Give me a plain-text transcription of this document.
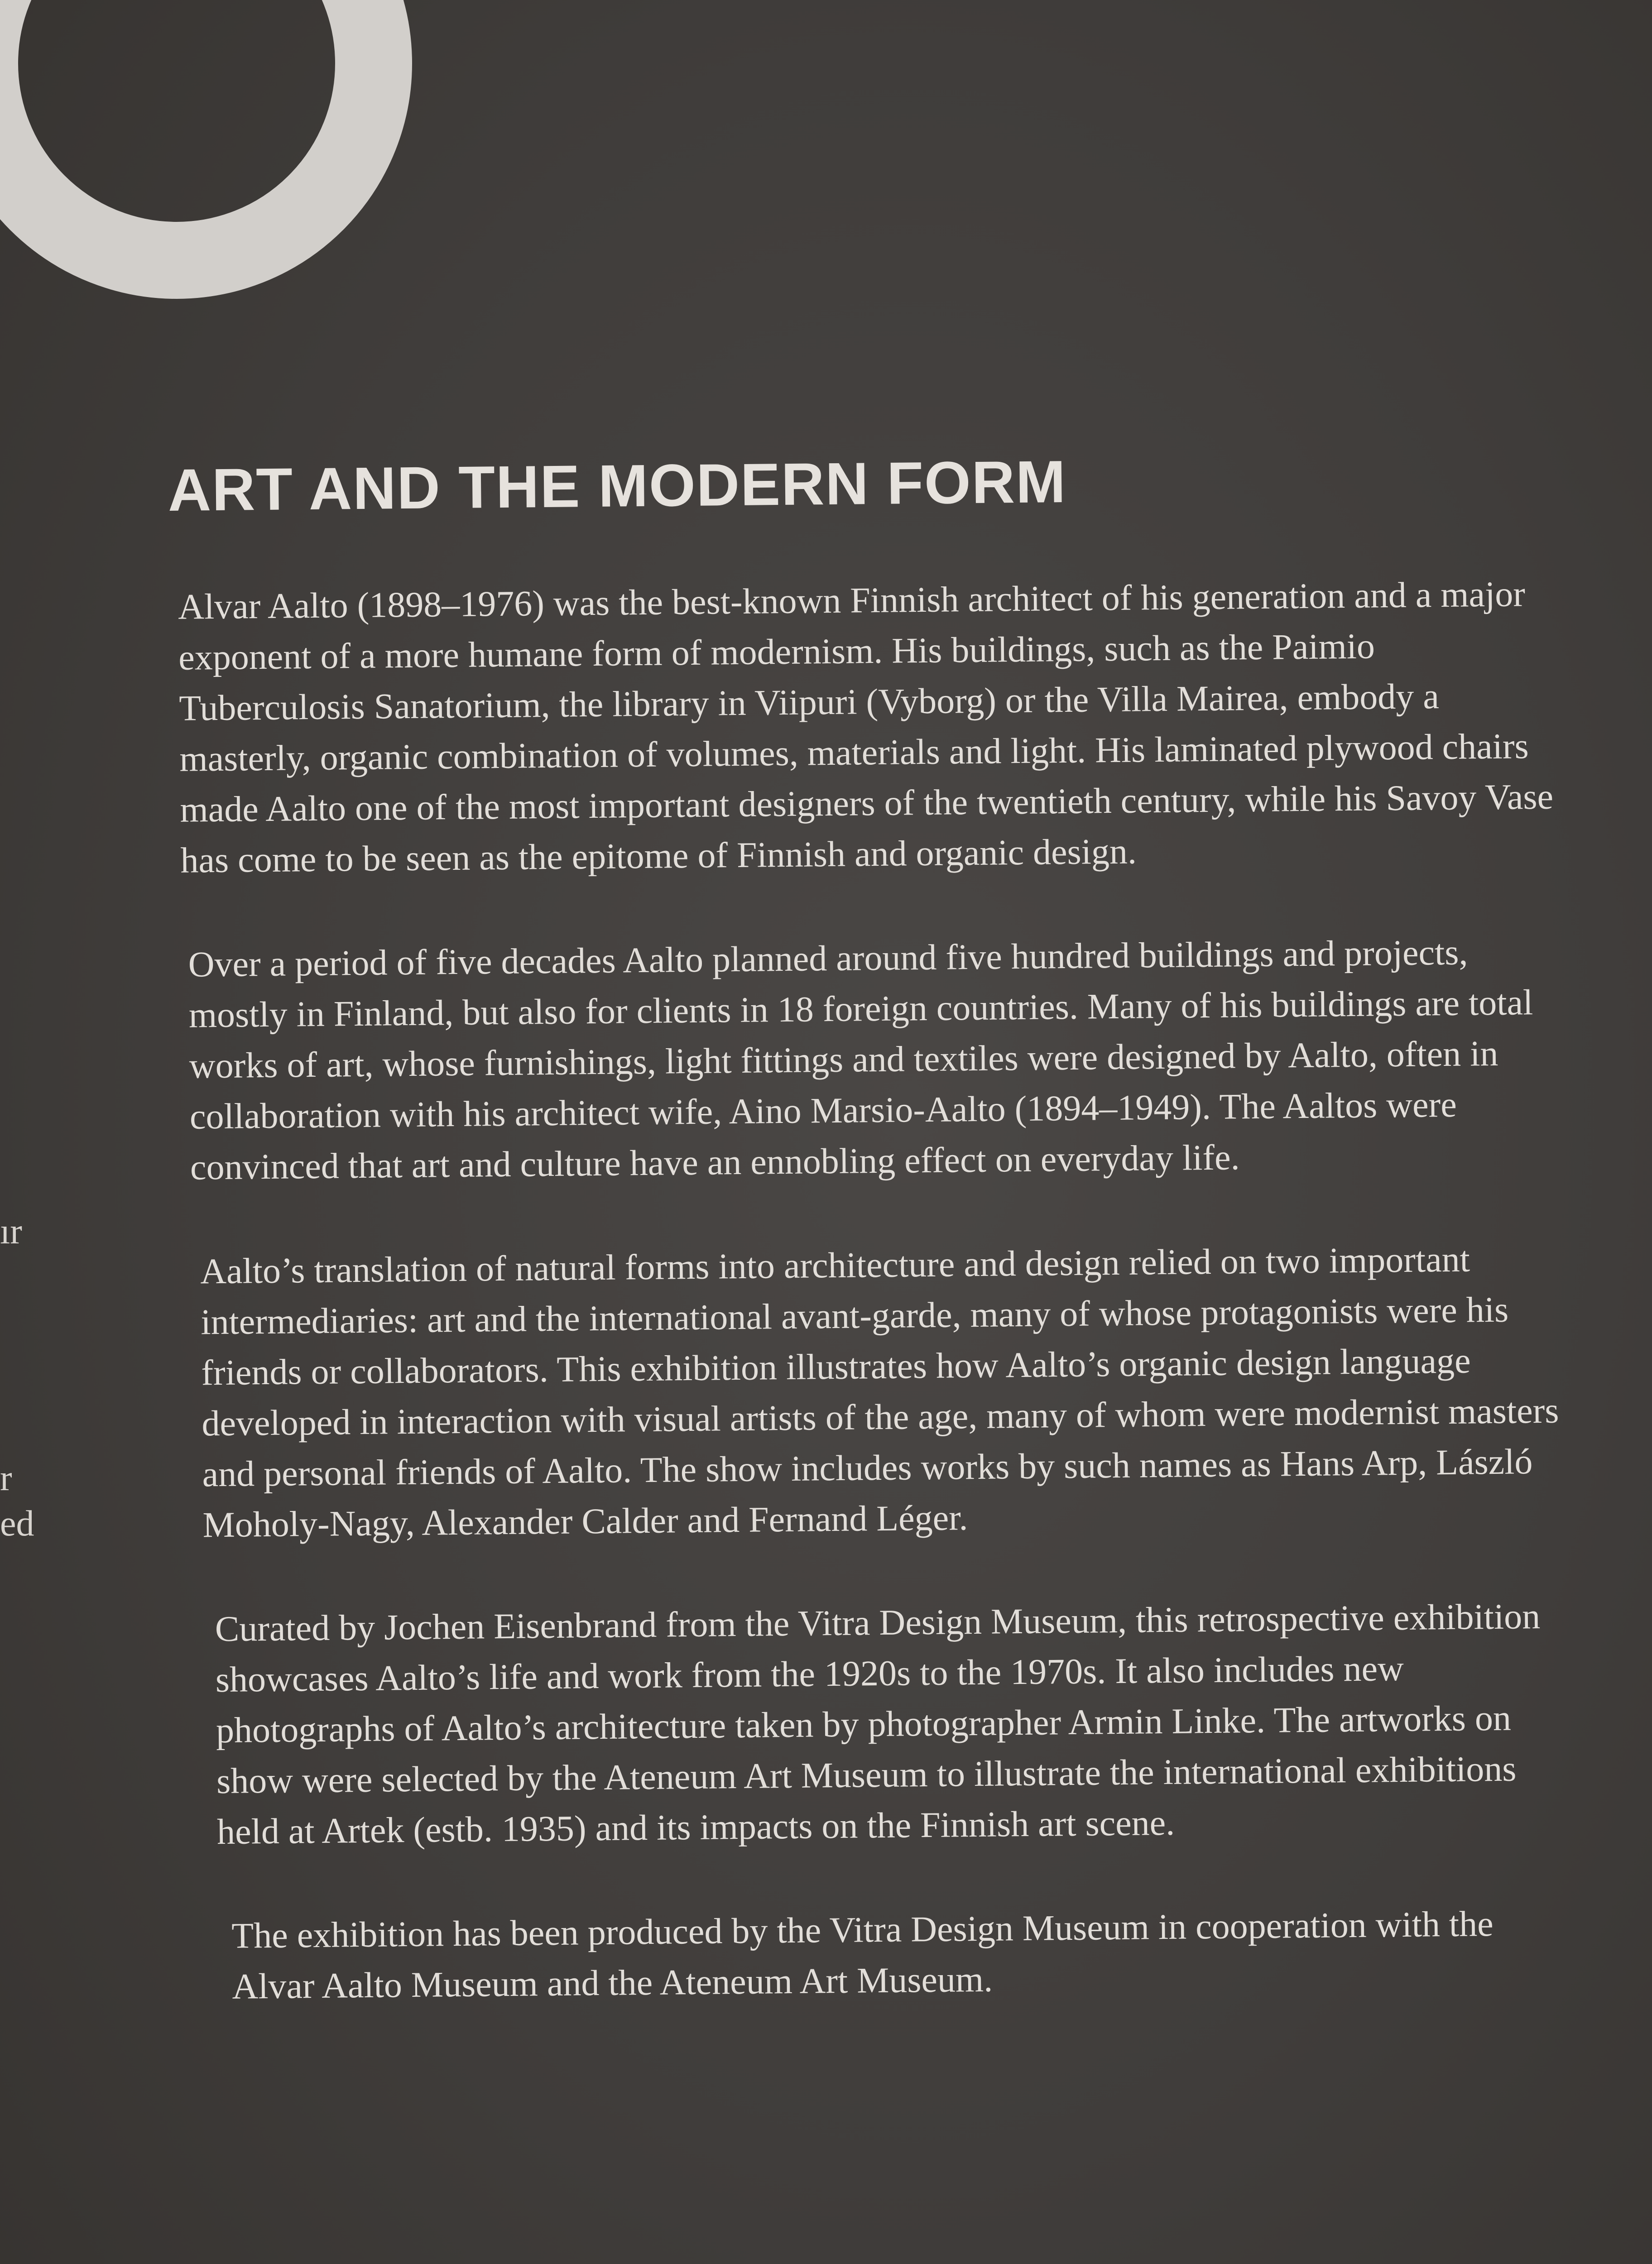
ır
r
ed
ART AND THE MODERN FORM

Alvar Aalto (1898–1976) was the best-known Finnish architect of his generation and a major exponent of a more humane form of modernism. His buildings, such as the Paimio Tuberculosis Sanatorium, the library in Viipuri (Vyborg) or the Villa Mairea, embody a masterly, organic combination of volumes, materials and light. His laminated plywood chairs made Aalto one of the most important designers of the twentieth century, while his Savoy Vase has come to be seen as the epitome of Finnish and organic design.

Over a period of five decades Aalto planned around five hundred buildings and projects, mostly in Finland, but also for clients in 18 foreign countries. Many of his buildings are total works of art, whose furnishings, light fittings and textiles were designed by Aalto, often in collaboration with his architect wife, Aino Marsio-Aalto (1894–1949). The Aaltos were convinced that art and culture have an ennobling effect on everyday life.

Aalto’s translation of natural forms into architecture and design relied on two important intermediaries: art and the international avant-garde, many of whose protagonists were his friends or collaborators. This exhibition illustrates how Aalto’s organic design language developed in interaction with visual artists of the age, many of whom were modernist masters and personal friends of Aalto. The show includes works by such names as Hans Arp, László Moholy-Nagy, Alexander Calder and Fernand Léger.

Curated by Jochen Eisenbrand from the Vitra Design Museum, this retrospective exhibition showcases Aalto’s life and work from the 1920s to the 1970s. It also includes new photographs of Aalto’s architecture taken by photographer Armin Linke. The artworks on show were selected by the Ateneum Art Museum to illustrate the international exhibitions held at Artek (estb. 1935) and its impacts on the Finnish art scene.

The exhibition has been produced by the Vitra Design Museum in cooperation with the Alvar Aalto Museum and the Ateneum Art Museum.
